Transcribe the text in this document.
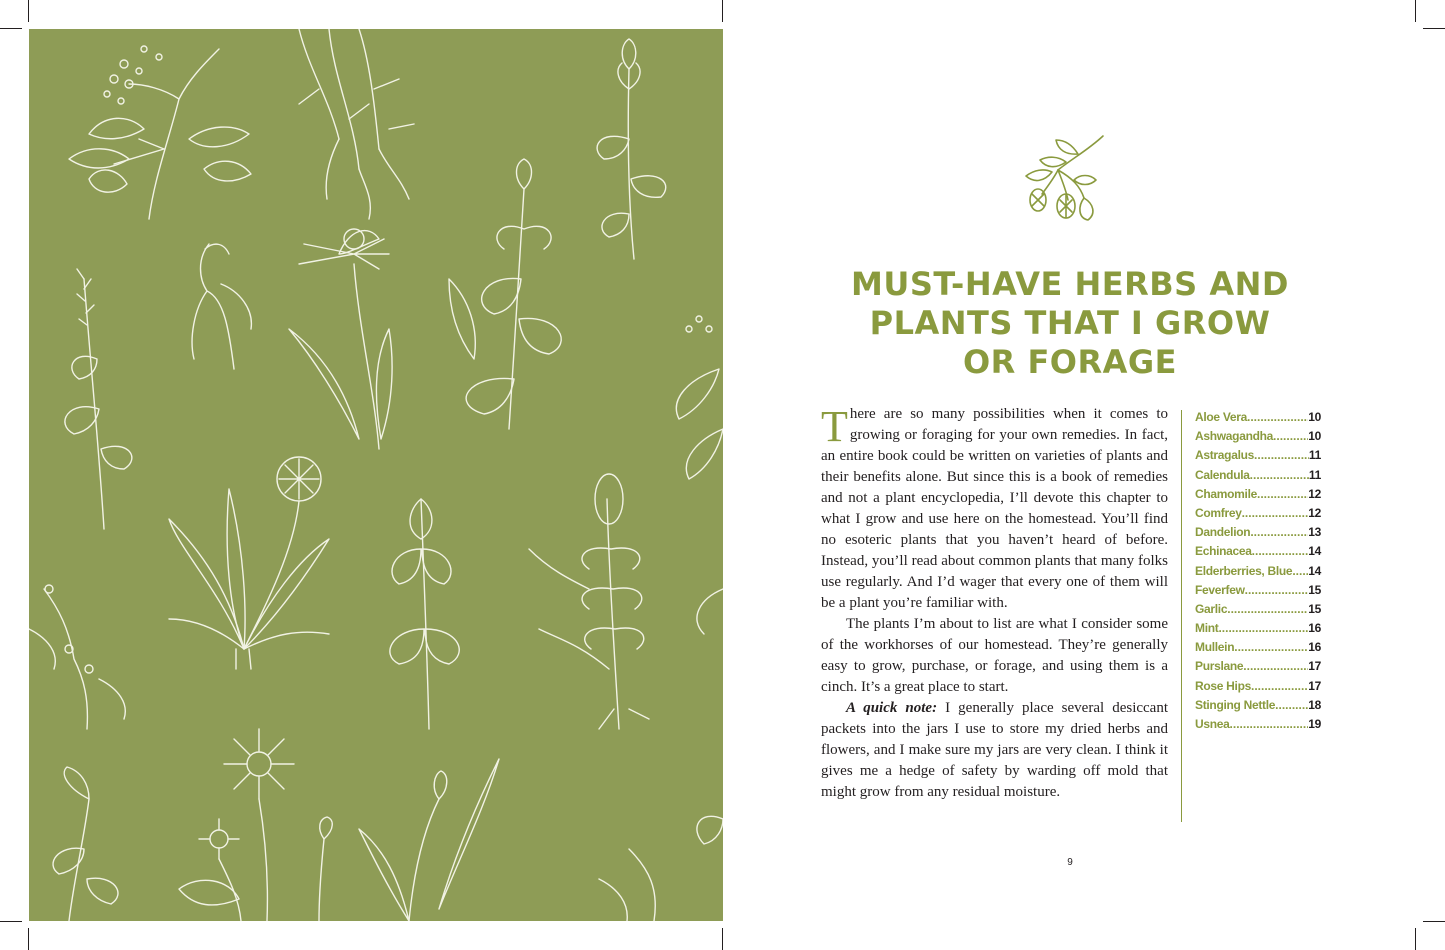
MUST-HAVE HERBS AND
PLANTS THAT I GROW
OR FORAGE

There are so many possibilities when it comes to growing or foraging for your own remedies. In fact, an entire book could be written on varieties of plants and their benefits alone. But since this is a book of remedies and not a plant encyclopedia, I’ll devote this chapter to what I grow and use here on the homestead. You’ll find no esoteric plants that you haven’t heard of before. Instead, you’ll read about common plants that many folks use regularly. And I’d wager that every one of them will be a plant you’re familiar with.

The plants I’m about to list are what I consider some of the workhorses of our homestead. They’re generally easy to grow, purchase, or forage, and using them is a cinch. It’s a great place to start.

A quick note: I generally place several desiccant packets into the jars I use to store my dried herbs and flowers, and I make sure my jars are very clean. I think it gives me a hedge of safety by warding off mold that might grow from any residual moisture.

Aloe Vera .....	10
Ashwagandha .....	10
Astragalus .....	11
Calendula .....	11
Chamomile .....	12
Comfrey .....	12
Dandelion .....	13
Echinacea .....	14
Elderberries, Blue ..... 14
Feverfew .....	15
Garlic .....	15
Mint .....	16
Mullein .....	16
Purslane .....	17
Rose Hips .....	17
Stinging Nettle .....	18
Usnea .....	19
9
